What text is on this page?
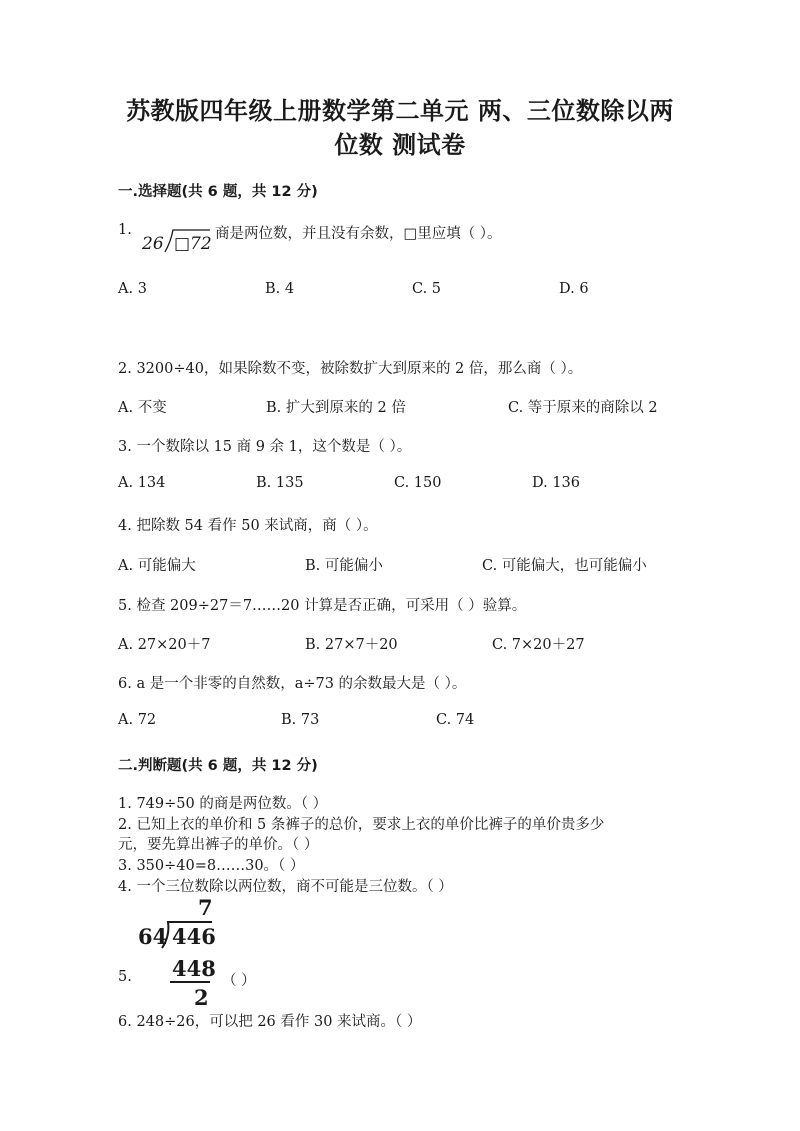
苏教版四年级上册数学第二单元 两、三位数除以两
位数 测试卷
一.选择题(共 6 题，共 12 分)
1.
26 □72 商是两位数，并且没有余数，□里应填（ ）。
A. 3	B. 4	C. 5	D. 6
2. 3200÷40，如果除数不变，被除数扩大到原来的 2 倍，那么商（ ）。
A. 不变	B. 扩大到原来的 2 倍	C. 等于原来的商除以 2
3. 一个数除以 15 商 9 余 1，这个数是（ ）。
A. 134	B. 135	C. 150	D. 136
4. 把除数 54 看作 50 来试商，商（ ）。
A. 可能偏大	B. 可能偏小	C. 可能偏大，也可能偏小
5. 检查 209÷27＝7……20 计算是否正确，可采用（ ）验算。
A. 27×20＋7	B. 27×7＋20	C. 7×20＋27
6. a 是一个非零的自然数，a÷73 的余数最大是（ ）。
A. 72	B. 73	C. 74
二.判断题(共 6 题，共 12 分)
1. 749÷50 的商是两位数。（ ）
2. 已知上衣的单价和 5 条裤子的总价，要求上衣的单价比裤子的单价贵多少
元，要先算出裤子的单价。（ ）
3. 350÷40=8……30。（ ）
4. 一个三位数除以两位数，商不可能是三位数。（ ）
7
64 446
448
2
5.	（ ）
6. 248÷26，可以把 26 看作 30 来试商。（ ）
